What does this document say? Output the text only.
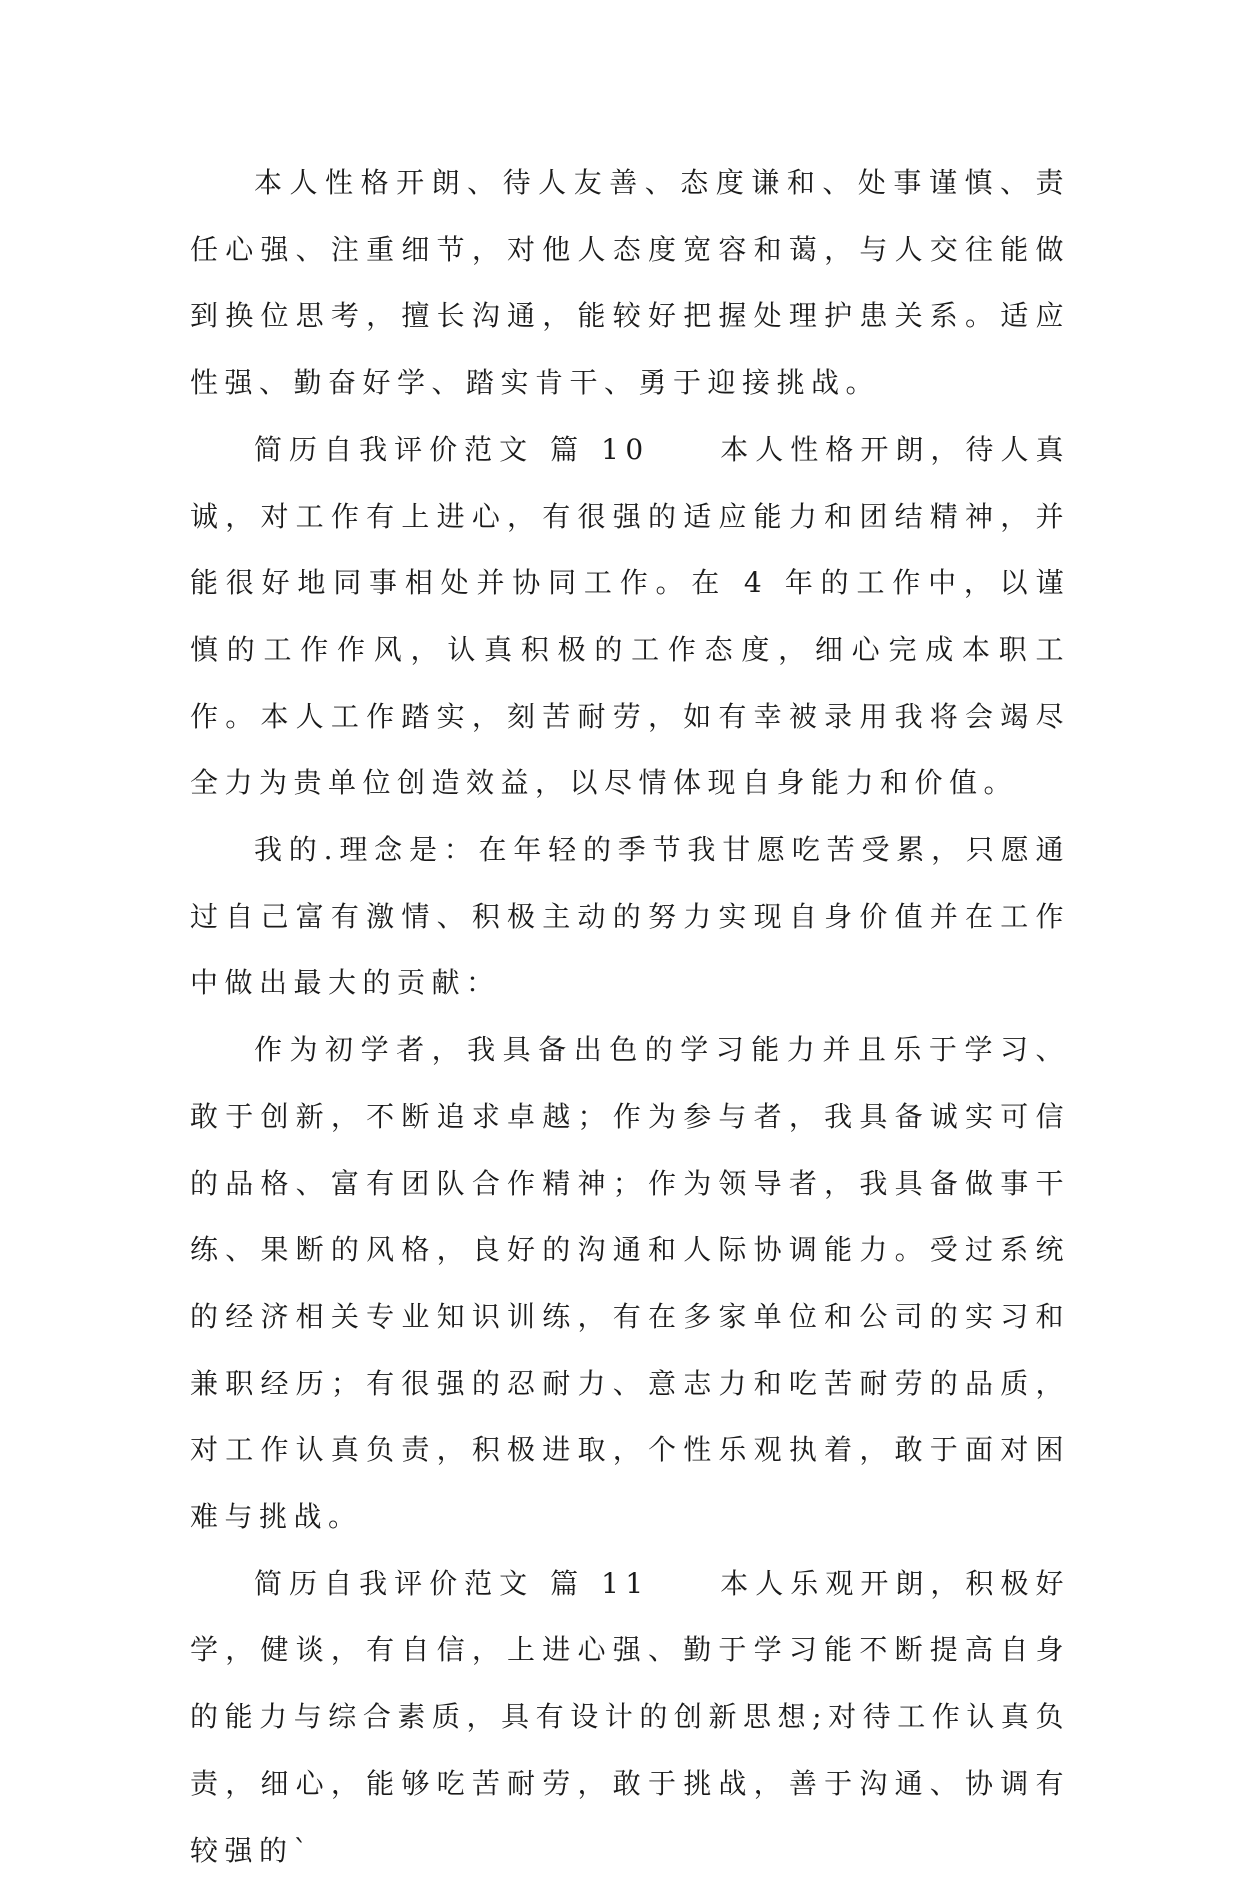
本人性格开朗、待人友善、态度谦和、处事谨慎、责任心强、注重细节，对他人态度宽容和蔼，与人交往能做到换位思考，擅长沟通，能较好把握处理护患关系。适应性强、勤奋好学、踏实肯干、勇于迎接挑战。

简历自我评价范文 篇 10	本人性格开朗，待人真诚，对工作有上进心，有很强的适应能力和团结精神，并能很好地同事相处并协同工作。在 4 年的工作中，以谨慎的工作作风，认真积极的工作态度，细心完成本职工作。本人工作踏实，刻苦耐劳，如有幸被录用我将会竭尽全力为贵单位创造效益，以尽情体现自身能力和价值。

我的.理念是：在年轻的季节我甘愿吃苦受累，只愿通过自己富有激情、积极主动的努力实现自身价值并在工作中做出最大的贡献：

作为初学者，我具备出色的学习能力并且乐于学习、敢于创新，不断追求卓越；作为参与者，我具备诚实可信的品格、富有团队合作精神；作为领导者，我具备做事干练、果断的风格，良好的沟通和人际协调能力。受过系统的经济相关专业知识训练，有在多家单位和公司的实习和兼职经历；有很强的忍耐力、意志力和吃苦耐劳的品质，对工作认真负责，积极进取，个性乐观执着，敢于面对困难与挑战。

简历自我评价范文 篇 11	本人乐观开朗，积极好学，健谈，有自信，上进心强、勤于学习能不断提高自身的能力与综合素质，具有设计的创新思想;对待工作认真负责，细心，能够吃苦耐劳，敢于挑战，善于沟通、协调有较强的`
